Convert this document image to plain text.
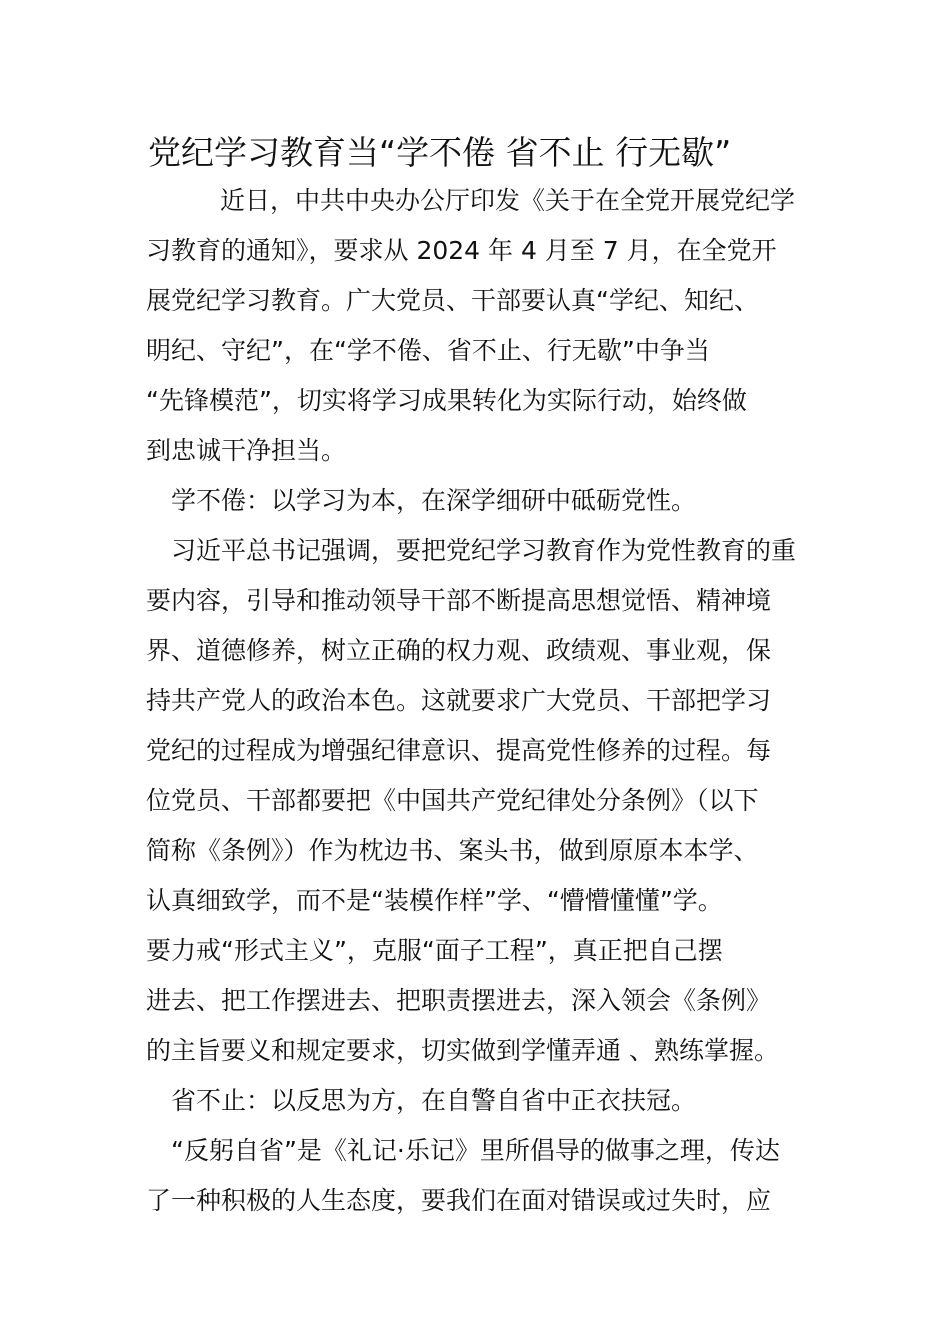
党纪学习教育当“学不倦 省不止 行无歇”
近日，中共中央办公厅印发《关于在全党开展党纪学
习教育的通知》，要求从 2024 年 4 月至 7 月，在全党开
展党纪学习教育。广大党员、干部要认真“学纪、知纪、
明纪、守纪”，在“学不倦、省不止、行无歇”中争当
“先锋模范”，切实将学习成果转化为实际行动，始终做
到忠诚干净担当。
学不倦：以学习为本，在深学细研中砥砺党性。
习近平总书记强调，要把党纪学习教育作为党性教育的重
要内容，引导和推动领导干部不断提高思想觉悟、精神境
界、道德修养，树立正确的权力观、政绩观、事业观，保
持共产党人的政治本色。这就要求广大党员、干部把学习
党纪的过程成为增强纪律意识、提高党性修养的过程。每
位党员、干部都要把《中国共产党纪律处分条例》（以下
简称《条例》）作为枕边书、案头书，做到原原本本学、
认真细致学，而不是“装模作样”学、“懵懵懂懂”学。
要力戒“形式主义”，克服“面子工程”，真正把自己摆
进去、把工作摆进去、把职责摆进去，深入领会《条例》
的主旨要义和规定要求，切实做到学懂弄通 、熟练掌握。
省不止：以反思为方，在自警自省中正衣扶冠。
“反躬自省”是《礼记·乐记》里所倡导的做事之理，传达
了一种积极的人生态度，要我们在面对错误或过失时，应
